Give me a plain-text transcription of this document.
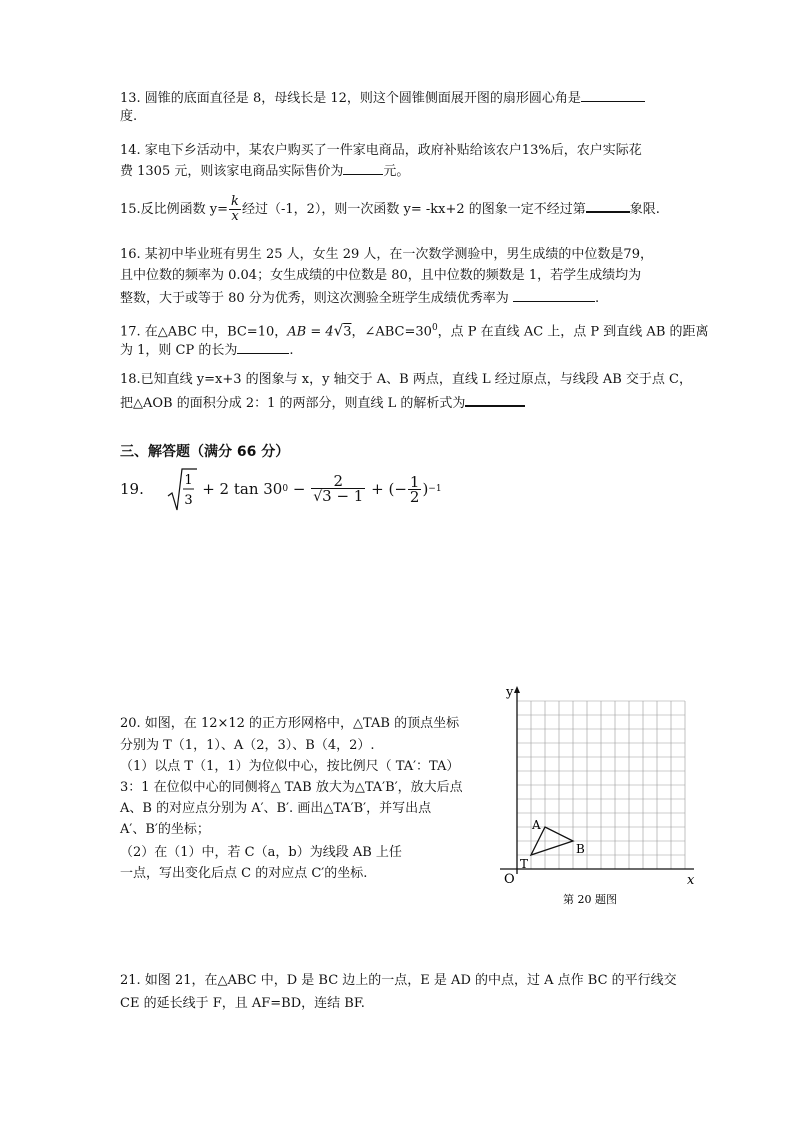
13. 圆锥的底面直径是 8，母线长是 12，则这个圆锥侧面展开图的扇形圆心角是
度.
14. 家电下乡活动中，某农户购买了一件家电商品，政府补贴给该农户13%后，农户实际花
费 1305 元，则该家电商品实际售价为	元。
15.反比例函数 $y= \frac{k}{x}$ 经过（-1，2），则一次函数 y= -kx+2 的图象一定不经过第	象限.
16. 某初中毕业班有男生 25 人，女生 29 人，在一次数学测验中，男生成绩的中位数是79，
且中位数的频率为 0.04；女生成绩的中位数是 80，且中位数的频数是 1，若学生成绩均为
整数，大于或等于 80 分为优秀，则这次测验全班学生成绩优秀率为	.
17. 在△ABC 中，BC=10，AB = 4√3，$\angle ABC=30^0$，点 P 在直线 AC 上，点 P 到直线 AB 的距离
为 1，则 CP 的长为	.
18.已知直线 y=x+3 的图象与 x，y 轴交于 A、B 两点，直线 L 经过原点，与线段 AB 交于点 C，
把△AOB 的面积分成 2：1 的两部分，则直线 L 的解析式为
三、解答题（满分 66 分）
19.	1
3
+ 2 $\tan 300 - \frac{2}{√3 - 1}$ + (− $\frac{1}{2} )-1$
20. 如图，在 12×12 的正方形网格中，△TAB 的顶点坐标
分别为 T（1，1）、A（2，3）、B（4，2）.
（1）以点 T（1，1）为位似中心，按比例尺（ TA′：TA）
3：1 在位似中心的同侧将△ TAB 放大为△TA′B′，放大后点
A、B 的对应点分别为 A′、B′. 画出△TA′B′，并写出点
A′、B′的坐标；
（2）在（1）中，若 C（a，b）为线段 AB 上任
一点，写出变化后点 C 的对应点 C′的坐标.
y
x
O
A
B
T
第 20 题图
21. 如图 21，在△ABC 中，D 是 BC 边上的一点，E 是 AD 的中点，过 A 点作 BC 的平行线交
CE 的延长线于 F，且 AF=BD，连结 BF.
